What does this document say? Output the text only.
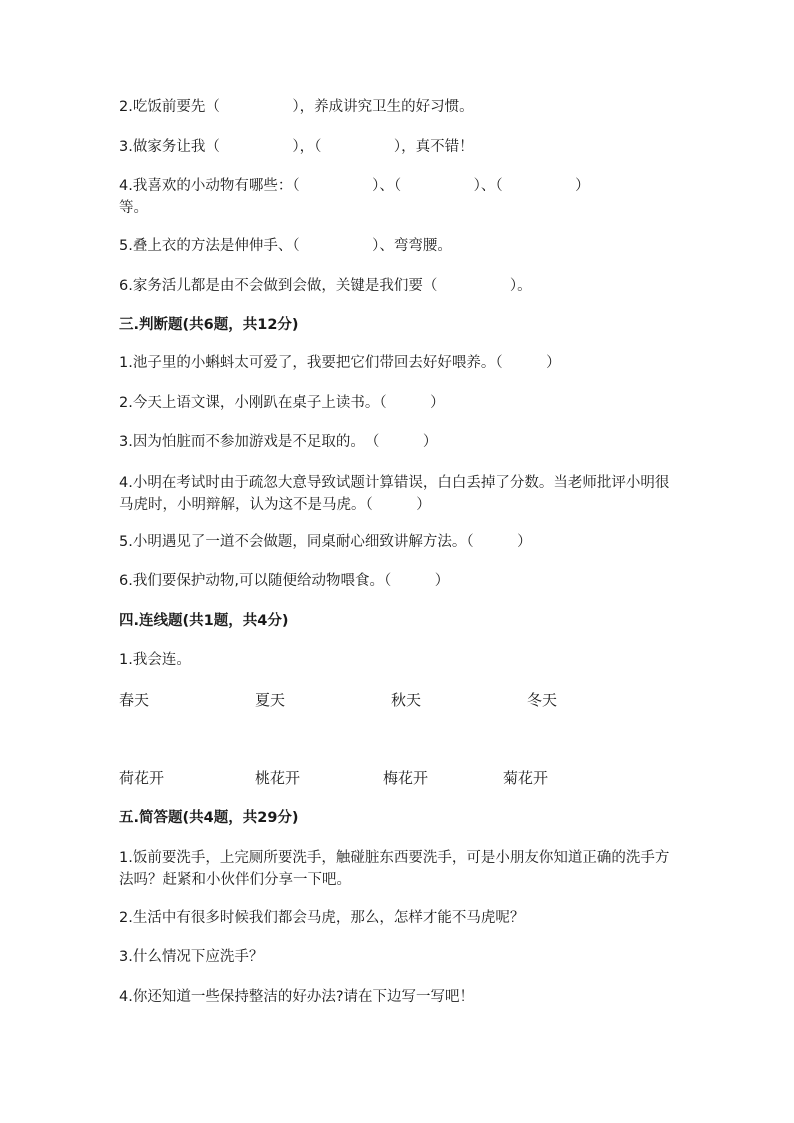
2.吃饭前要先（　　　　　），养成讲究卫生的好习惯。
3.做家务让我（　　　　　），（　　　　　），真不错！
4.我喜欢的小动物有哪些：（　　　　　）、（　　　　　）、（　　　　　）
等。
5.叠上衣的方法是伸伸手、（　　　　　）、弯弯腰。
6.家务活儿都是由不会做到会做，关键是我们要（　　　　　）。
三.判断题(共6题，共12分)
1.池子里的小蝌蚪太可爱了，我要把它们带回去好好喂养。（　　　）
2.今天上语文课，小刚趴在桌子上读书。（　　　）
3.因为怕脏而不参加游戏是不足取的。　（　　　）
4.小明在考试时由于疏忽大意导致试题计算错误，白白丢掉了分数。当老师批评小明很马虎时，小明辩解，认为这不是马虎。（　　　）
5.小明遇见了一道不会做题，同桌耐心细致讲解方法。（　　　）
6.我们要保护动物,可以随便给动物喂食。（　　　）
四.连线题(共1题，共4分)
1.我会连。
春天	夏天	秋天	冬天
荷花开	桃花开	梅花开	菊花开
五.简答题(共4题，共29分)
1.饭前要洗手，上完厕所要洗手，触碰脏东西要洗手，可是小朋友你知道正确的洗手方法吗？赶紧和小伙伴们分享一下吧。
2.生活中有很多时候我们都会马虎，那么，怎样才能不马虎呢？
3.什么情况下应洗手？
4.你还知道一些保持整洁的好办法?请在下边写一写吧！
